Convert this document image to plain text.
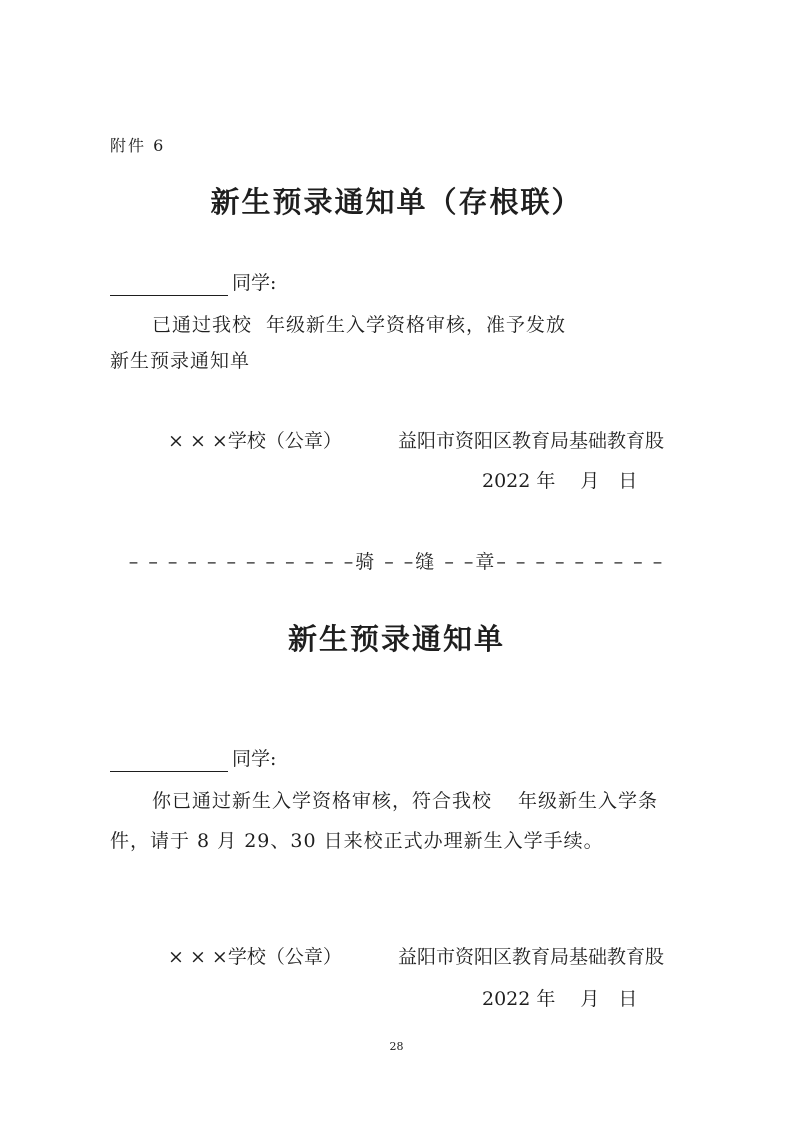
附件 6
新生预录通知单（存根联）
同学:
已通过我校 年级新生入学资格审核，准予发放
新生预录通知单
× × ×学校（公章）	益阳市资阳区教育局基础教育股
2022 年　 月　日
– – – – – – – – – – – –骑 – –缝 – –章– – – – – – – – –
新生预录通知单
同学:
你已通过新生入学资格审核，符合我校 年级新生入学条
件，请于 8 月 29、30 日来校正式办理新生入学手续。
× × ×学校（公章）	益阳市资阳区教育局基础教育股
2022 年　 月　日
28
